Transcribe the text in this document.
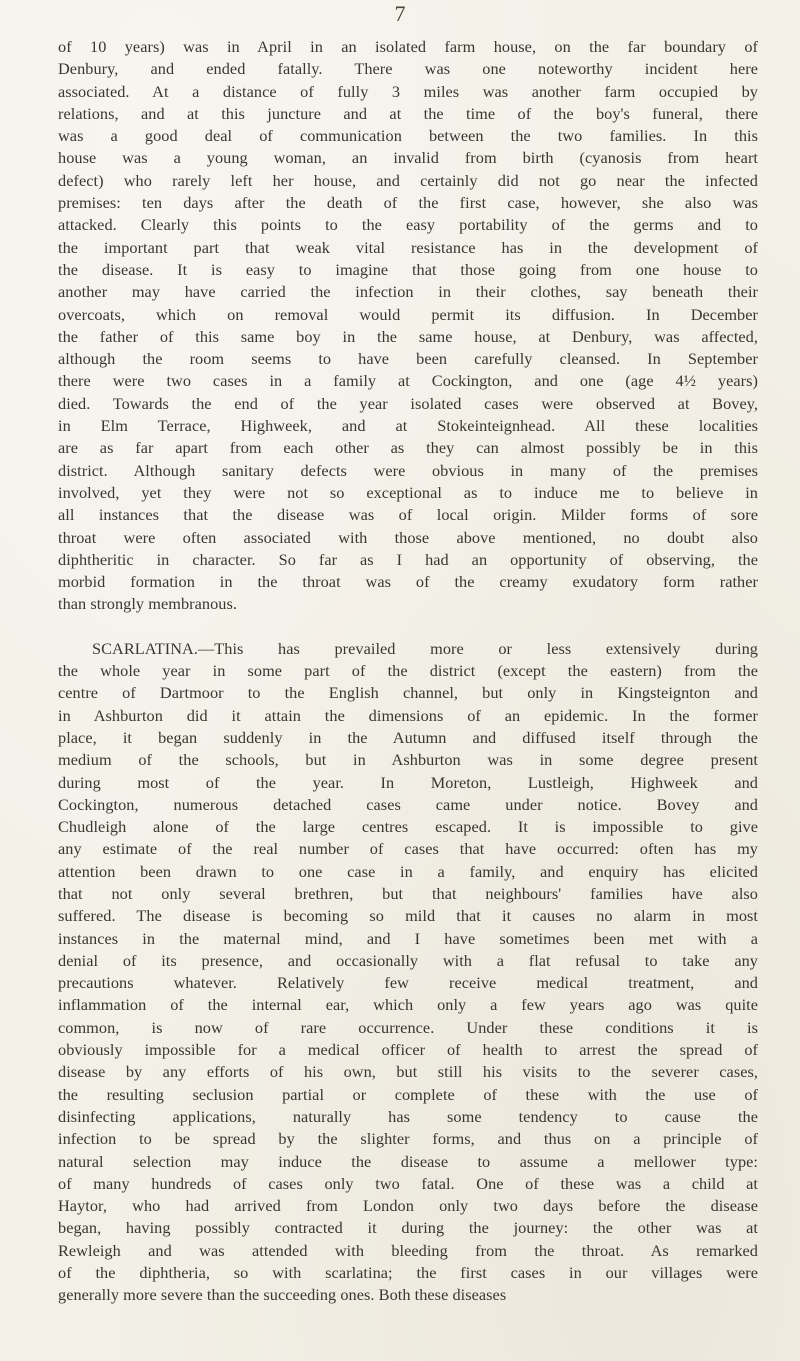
7
of 10 years) was in April in an isolated farm house, on the far boundary of
Denbury, and ended fatally. There was one noteworthy incident here
associated. At a distance of fully 3 miles was another farm occupied by
relations, and at this juncture and at the time of the boy's funeral, there
was a good deal of communication between the two families. In this
house was a young woman, an invalid from birth (cyanosis from heart
defect) who rarely left her house, and certainly did not go near the infected
premises: ten days after the death of the first case, however, she also was
attacked. Clearly this points to the easy portability of the germs and to
the important part that weak vital resistance has in the development of
the disease. It is easy to imagine that those going from one house to
another may have carried the infection in their clothes, say beneath their
overcoats, which on removal would permit its diffusion. In December
the father of this same boy in the same house, at Denbury, was affected,
although the room seems to have been carefully cleansed. In September
there were two cases in a family at Cockington, and one (age 4½ years)
died. Towards the end of the year isolated cases were observed at Bovey,
in Elm Terrace, Highweek, and at Stokeinteignhead. All these localities
are as far apart from each other as they can almost possibly be in this
district. Although sanitary defects were obvious in many of the premises
involved, yet they were not so exceptional as to induce me to believe in
all instances that the disease was of local origin. Milder forms of sore
throat were often associated with those above mentioned, no doubt also
diphtheritic in character. So far as I had an opportunity of observing, the
morbid formation in the throat was of the creamy exudatory form rather
than strongly membranous.
SCARLATINA.—This has prevailed more or less extensively during
the whole year in some part of the district (except the eastern) from the
centre of Dartmoor to the English channel, but only in Kingsteignton and
in Ashburton did it attain the dimensions of an epidemic. In the former
place, it began suddenly in the Autumn and diffused itself through the
medium of the schools, but in Ashburton was in some degree present
during most of the year. In Moreton, Lustleigh, Highweek and
Cockington, numerous detached cases came under notice. Bovey and
Chudleigh alone of the large centres escaped. It is impossible to give
any estimate of the real number of cases that have occurred: often has my
attention been drawn to one case in a family, and enquiry has elicited
that not only several brethren, but that neighbours' families have also
suffered. The disease is becoming so mild that it causes no alarm in most
instances in the maternal mind, and I have sometimes been met with a
denial of its presence, and occasionally with a flat refusal to take any
precautions whatever. Relatively few receive medical treatment, and
inflammation of the internal ear, which only a few years ago was quite
common, is now of rare occurrence. Under these conditions it is
obviously impossible for a medical officer of health to arrest the spread of
disease by any efforts of his own, but still his visits to the severer cases,
the resulting seclusion partial or complete of these with the use of
disinfecting applications, naturally has some tendency to cause the
infection to be spread by the slighter forms, and thus on a principle of
natural selection may induce the disease to assume a mellower type:
of many hundreds of cases only two fatal. One of these was a child at
Haytor, who had arrived from London only two days before the disease
began, having possibly contracted it during the journey: the other was at
Rewleigh and was attended with bleeding from the throat. As remarked
of the diphtheria, so with scarlatina; the first cases in our villages were
generally more severe than the succeeding ones. Both these diseases
